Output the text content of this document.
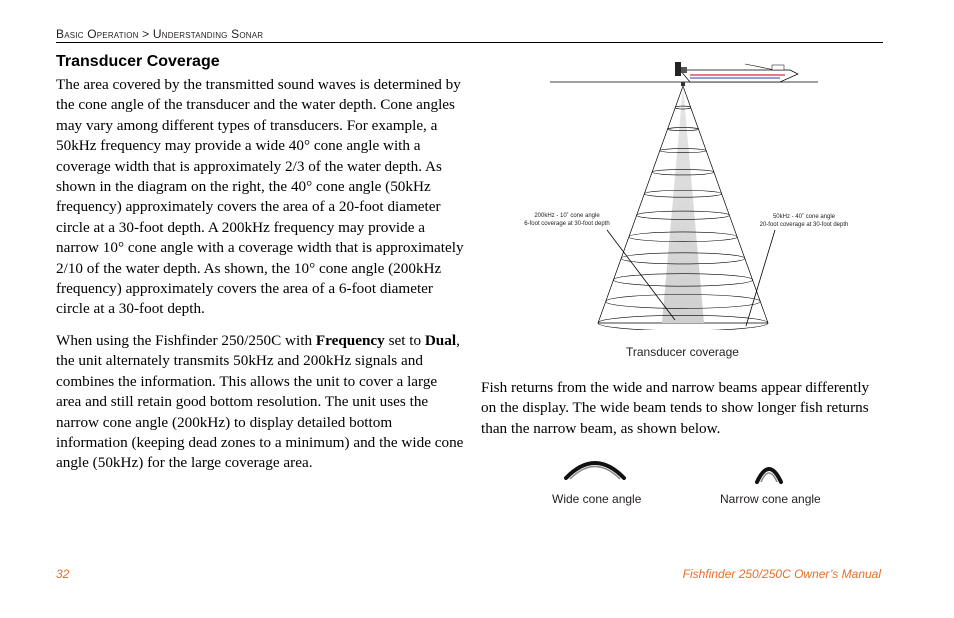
Basic Operation > Understanding Sonar
Transducer Coverage

The area covered by the transmitted sound waves is determined by the cone angle of the transducer and the water depth. Cone angles may vary among different types of transducers. For example, a 50kHz frequency may provide a wide 40° cone angle with a coverage width that is approximately 2/3 of the water depth. As shown in the diagram on the right, the 40° cone angle (50kHz frequency) approximately covers the area of a 20-foot diameter circle at a 30-foot depth. A 200kHz frequency may provide a narrow 10° cone angle with a coverage width that is approximately 2/10 of the water depth. As shown, the 10° cone angle (200kHz frequency) approximately covers the area of a 6-foot diameter circle at a 30-foot depth.

When using the Fishfinder 250/250C with Frequency set to Dual, the unit alternately transmits 50kHz and 200kHz signals and combines the information. This allows the unit to cover a large area and still retain good bottom resolution. The unit uses the narrow cone angle (200kHz) to display detailed bottom information (keeping dead zones to a minimum) and the wide cone angle (50kHz) for the large coverage area.

200kHz - 10˚ cone angle
6-foot coverage at 30-foot depth
50kHz - 40˚ cone angle
20-foot coverage at 30-foot depth
Transducer coverage

Fish returns from the wide and narrow beams appear differently on the display. The wide beam tends to show longer fish returns than the narrow beam, as shown below.

Wide cone angle	Narrow cone angle
32	Fishfinder 250/250C Owner’s Manual
